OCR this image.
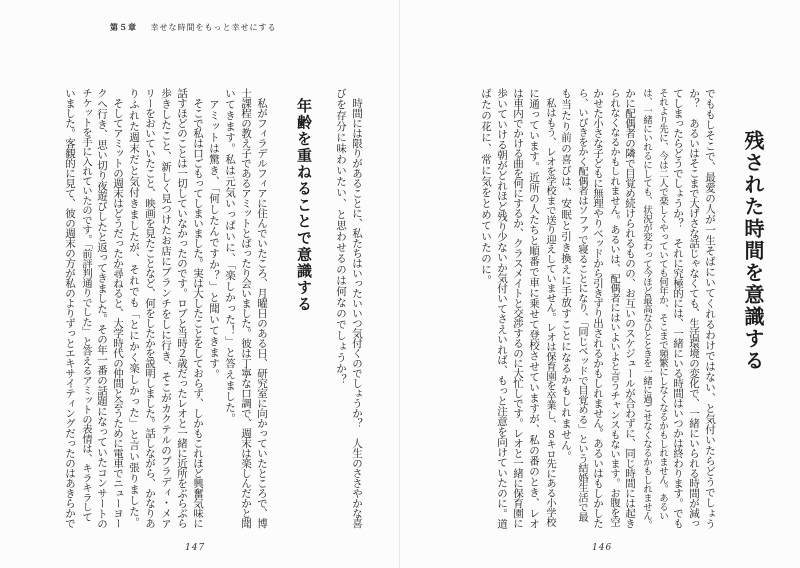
第５章 幸せな時間をもっと幸せにする
　時間には限りがあることに、私たちはいったいいつ気付くのでしょうか？　人生のささやかな喜
びを存分に味わいたい、と思わせるのは何なのでしょうか？
年齢を重ねることで意識する
　私がフィラデルフィアに住んでいたころ、月曜日のある日、研究室に向かっていたところで、博
士課程の教え子であるアミットとばったり会いました。彼は丁寧な口調で、週末は楽しんだかと聞
いてきます。私は元気いっぱいに、「楽しかった！」と答えました。
　アミットは驚き、「何したんですか？」と聞いてきます。
　そこで私は口ごもってしまいました。実は大したことをしておらず、しかもこれほど興奮気味に
話すほどのことは一切していなかったのです。ロブと当時２歳だったレオと一緒に近所をぶらぶら
歩きしたこと、新しく見つけたお店にブランチをしに行き、そこがカクテルのブラディ・メア
リーをおいていたこと、映画を見たことなど、何をしたかを説明しました。話しながら、かなりあ
りふれた週末だと気付きましたが、それでも「とにかく楽しかった」と言い張りました。
　そしてアミットの週末はどうだったか尋ねると、大学時代の仲間と会うために電車でニューヨー
クへ行き、思い切り夜遊びしたと返ってきました。その年一番の話題になっていたコンサートの
チケットを手に入れていたのです。「前評判通りでした」と答えるアミットの表情は、キラキラして
いました。客観的に見て、彼の週末の方が私のよりずっとエキサイティングだったのはあきらかで
147
残された時間を意識する
でももしそこで、最愛の人が一生そばにいてくれるわけではない、と気付いたらどうでしょう
か？　あるいはそこまで大げさな話じゃなくても、生活環境の変化で、一緒にいられる時間が減っ
てしまったらどうでしょうか？　それに究極的には、一緒にいる時間はいつかは終わります。でも
それより先に、今は二人で楽しくやっていても何年か、そこまで頻繁にしなくなるかもしれません。あるい
は、一緒にいれるにしても、状況が変わって今ほど最高なひとときを一緒に過ごせなくなるかもしれません。
かに配偶者の隣で目覚め続けられるものの、お互いのスケジュールが合わずに、同じ時間には起き
られなくなるかもしれません。あるいは、配偶者にはいよいよと言うチャンスもないます。お腹を空
かせた小さな子どもに無理やりベッドから引きずり出されるかもしれません。あるいはもしかした
ら、いびきをかく配偶者はソファで寝ることになり、「同じベッドで目覚める」という結婚生活で最
も当たり前の喜びは、安眠と引き換えに手放すことになるかもしれません。
　私はもう、レオを学校まで送り迎えしていません。レオは保育園を卒業し、８キロ先にある小学校
に通っています。近所の人たちと順番で車に乗せて登校させていますが、私の番のとき、レオ
は車内でかける曲を何にするか、クラスメイトと交渉するのに大忙しです。レオと一緒に保育園に
歩いていける朝がどれほど残り少ないか気付いてさえいれば、もっと注意を向けていたのに。道
ばたの花に、常に気をとめていたのに。
146
